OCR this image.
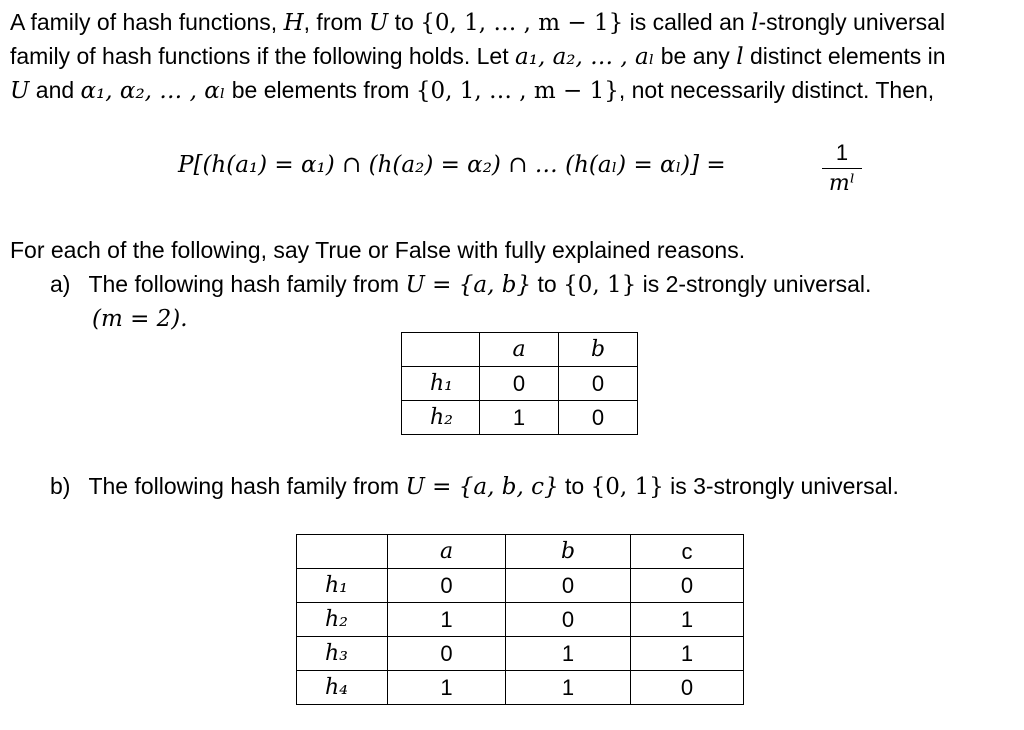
A family of hash functions, H, from U to {0, 1, … , m − 1} is called an l-strongly universal
family of hash functions if the following holds. Let a₁, a₂, … , aₗ be any l distinct elements in
U and α₁, α₂, … , αₗ be elements from {0, 1, … , m − 1}, not necessarily distinct. Then,
P[(h(a₁) = α₁) ∩ (h(a₂) = α₂) ∩ … (h(aₗ) = αₗ)] =	1
mˡ
For each of the following, say True or False with fully explained reasons.
a) The following hash family from U = {a, b} to {0, 1} is 2-strongly universal.
(m = 2).
	a	b
h₁	0	0
h₂	1	0
b) The following hash family from U = {a, b, c} to {0, 1} is 3-strongly universal.
	a	b	c
h₁	0	0	0
h₂	1	0	1
h₃	0	1	1
h₄	1	1	0
